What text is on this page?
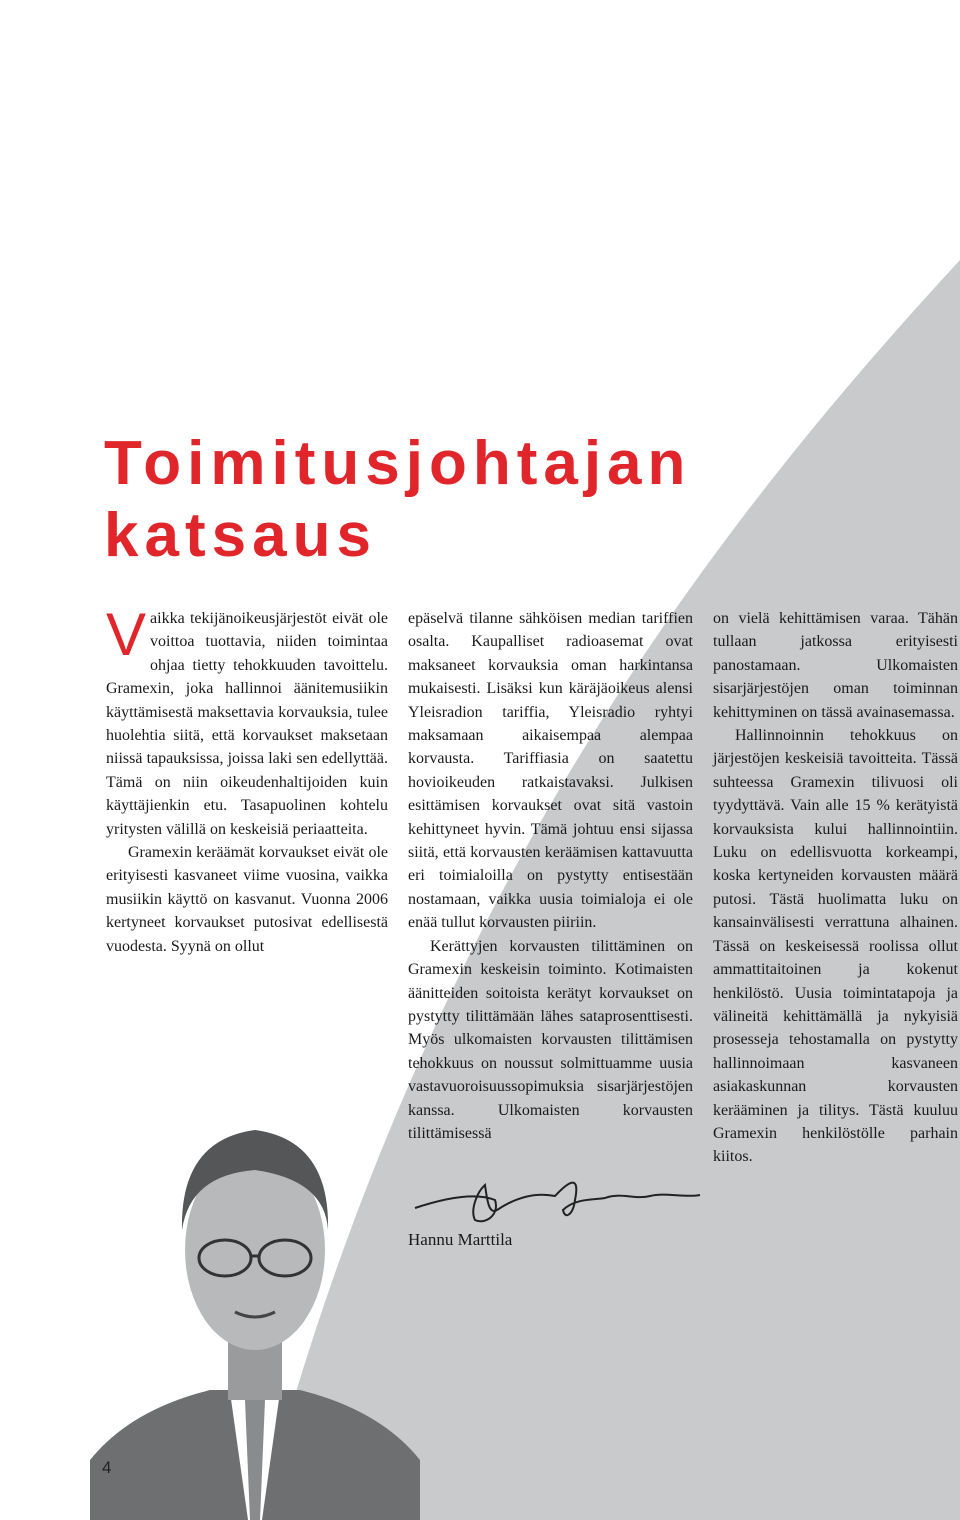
Toimitusjohtajan
katsaus

Vaikka tekijänoikeusjärjestöt eivät ole voittoa tuottavia, niiden toimintaa ohjaa tietty tehokkuuden tavoittelu. Gramexin, joka hallinnoi äänitemusiikin käyttämisestä maksettavia korvauksia, tulee huolehtia siitä, että korvaukset maksetaan niissä tapauksissa, joissa laki sen edellyttää. Tämä on niin oikeudenhaltijoiden kuin käyttäjienkin etu. Tasapuolinen kohtelu yritysten välillä on keskeisiä periaatteita.

Gramexin keräämät korvaukset eivät ole erityisesti kasvaneet viime vuosina, vaikka musiikin käyttö on kasvanut. Vuonna 2006 kertyneet korvaukset putosivat edellisestä vuodesta. Syynä on ollut

epäselvä tilanne sähköisen median tariffien osalta. Kaupalliset radioasemat ovat maksaneet korvauksia oman harkintansa mukaisesti. Lisäksi kun käräjäoikeus alensi Yleisradion tariffia, Yleisradio ryhtyi maksamaan aikaisempaa alempaa korvausta. Tariffiasia on saatettu hovioikeuden ratkaistavaksi. Julkisen esittämisen korvaukset ovat sitä vastoin kehittyneet hyvin. Tämä johtuu ensi sijassa siitä, että korvausten keräämisen kattavuutta eri toimialoilla on pystytty entisestään nostamaan, vaikka uusia toimialoja ei ole enää tullut korvausten piiriin.

Kerättyjen korvausten tilittäminen on Gramexin keskeisin toiminto. Kotimaisten äänitteiden soitoista kerätyt korvaukset on pystytty tilittämään lähes sataprosenttisesti. Myös ulkomaisten korvausten tilittämisen tehokkuus on noussut solmittuamme uusia vastavuoroisuussopimuksia sisarjärjestöjen kanssa. Ulkomaisten korvausten tilittämisessä

on vielä kehittämisen varaa. Tähän tullaan jatkossa erityisesti panostamaan. Ulkomaisten sisarjärjestöjen oman toiminnan kehittyminen on tässä avainasemassa.

Hallinnoinnin tehokkuus on järjestöjen keskeisiä tavoitteita. Tässä suhteessa Gramexin tilivuosi oli tyydyttävä. Vain alle 15 % kerätyistä korvauksista kului hallinnointiin. Luku on edellisvuotta korkeampi, koska kertyneiden korvausten määrä putosi. Tästä huolimatta luku on kansainvälisesti verrattuna alhainen. Tässä on keskeisessä roolissa ollut ammattitaitoinen ja kokenut henkilöstö. Uusia toimintatapoja ja välineitä kehittämällä ja nykyisiä prosesseja tehostamalla on pystytty hallinnoimaan kasvaneen asiakaskunnan korvausten kerääminen ja tilitys. Tästä kuuluu Gramexin henkilöstölle parhain kiitos.

Hannu Marttila
4
